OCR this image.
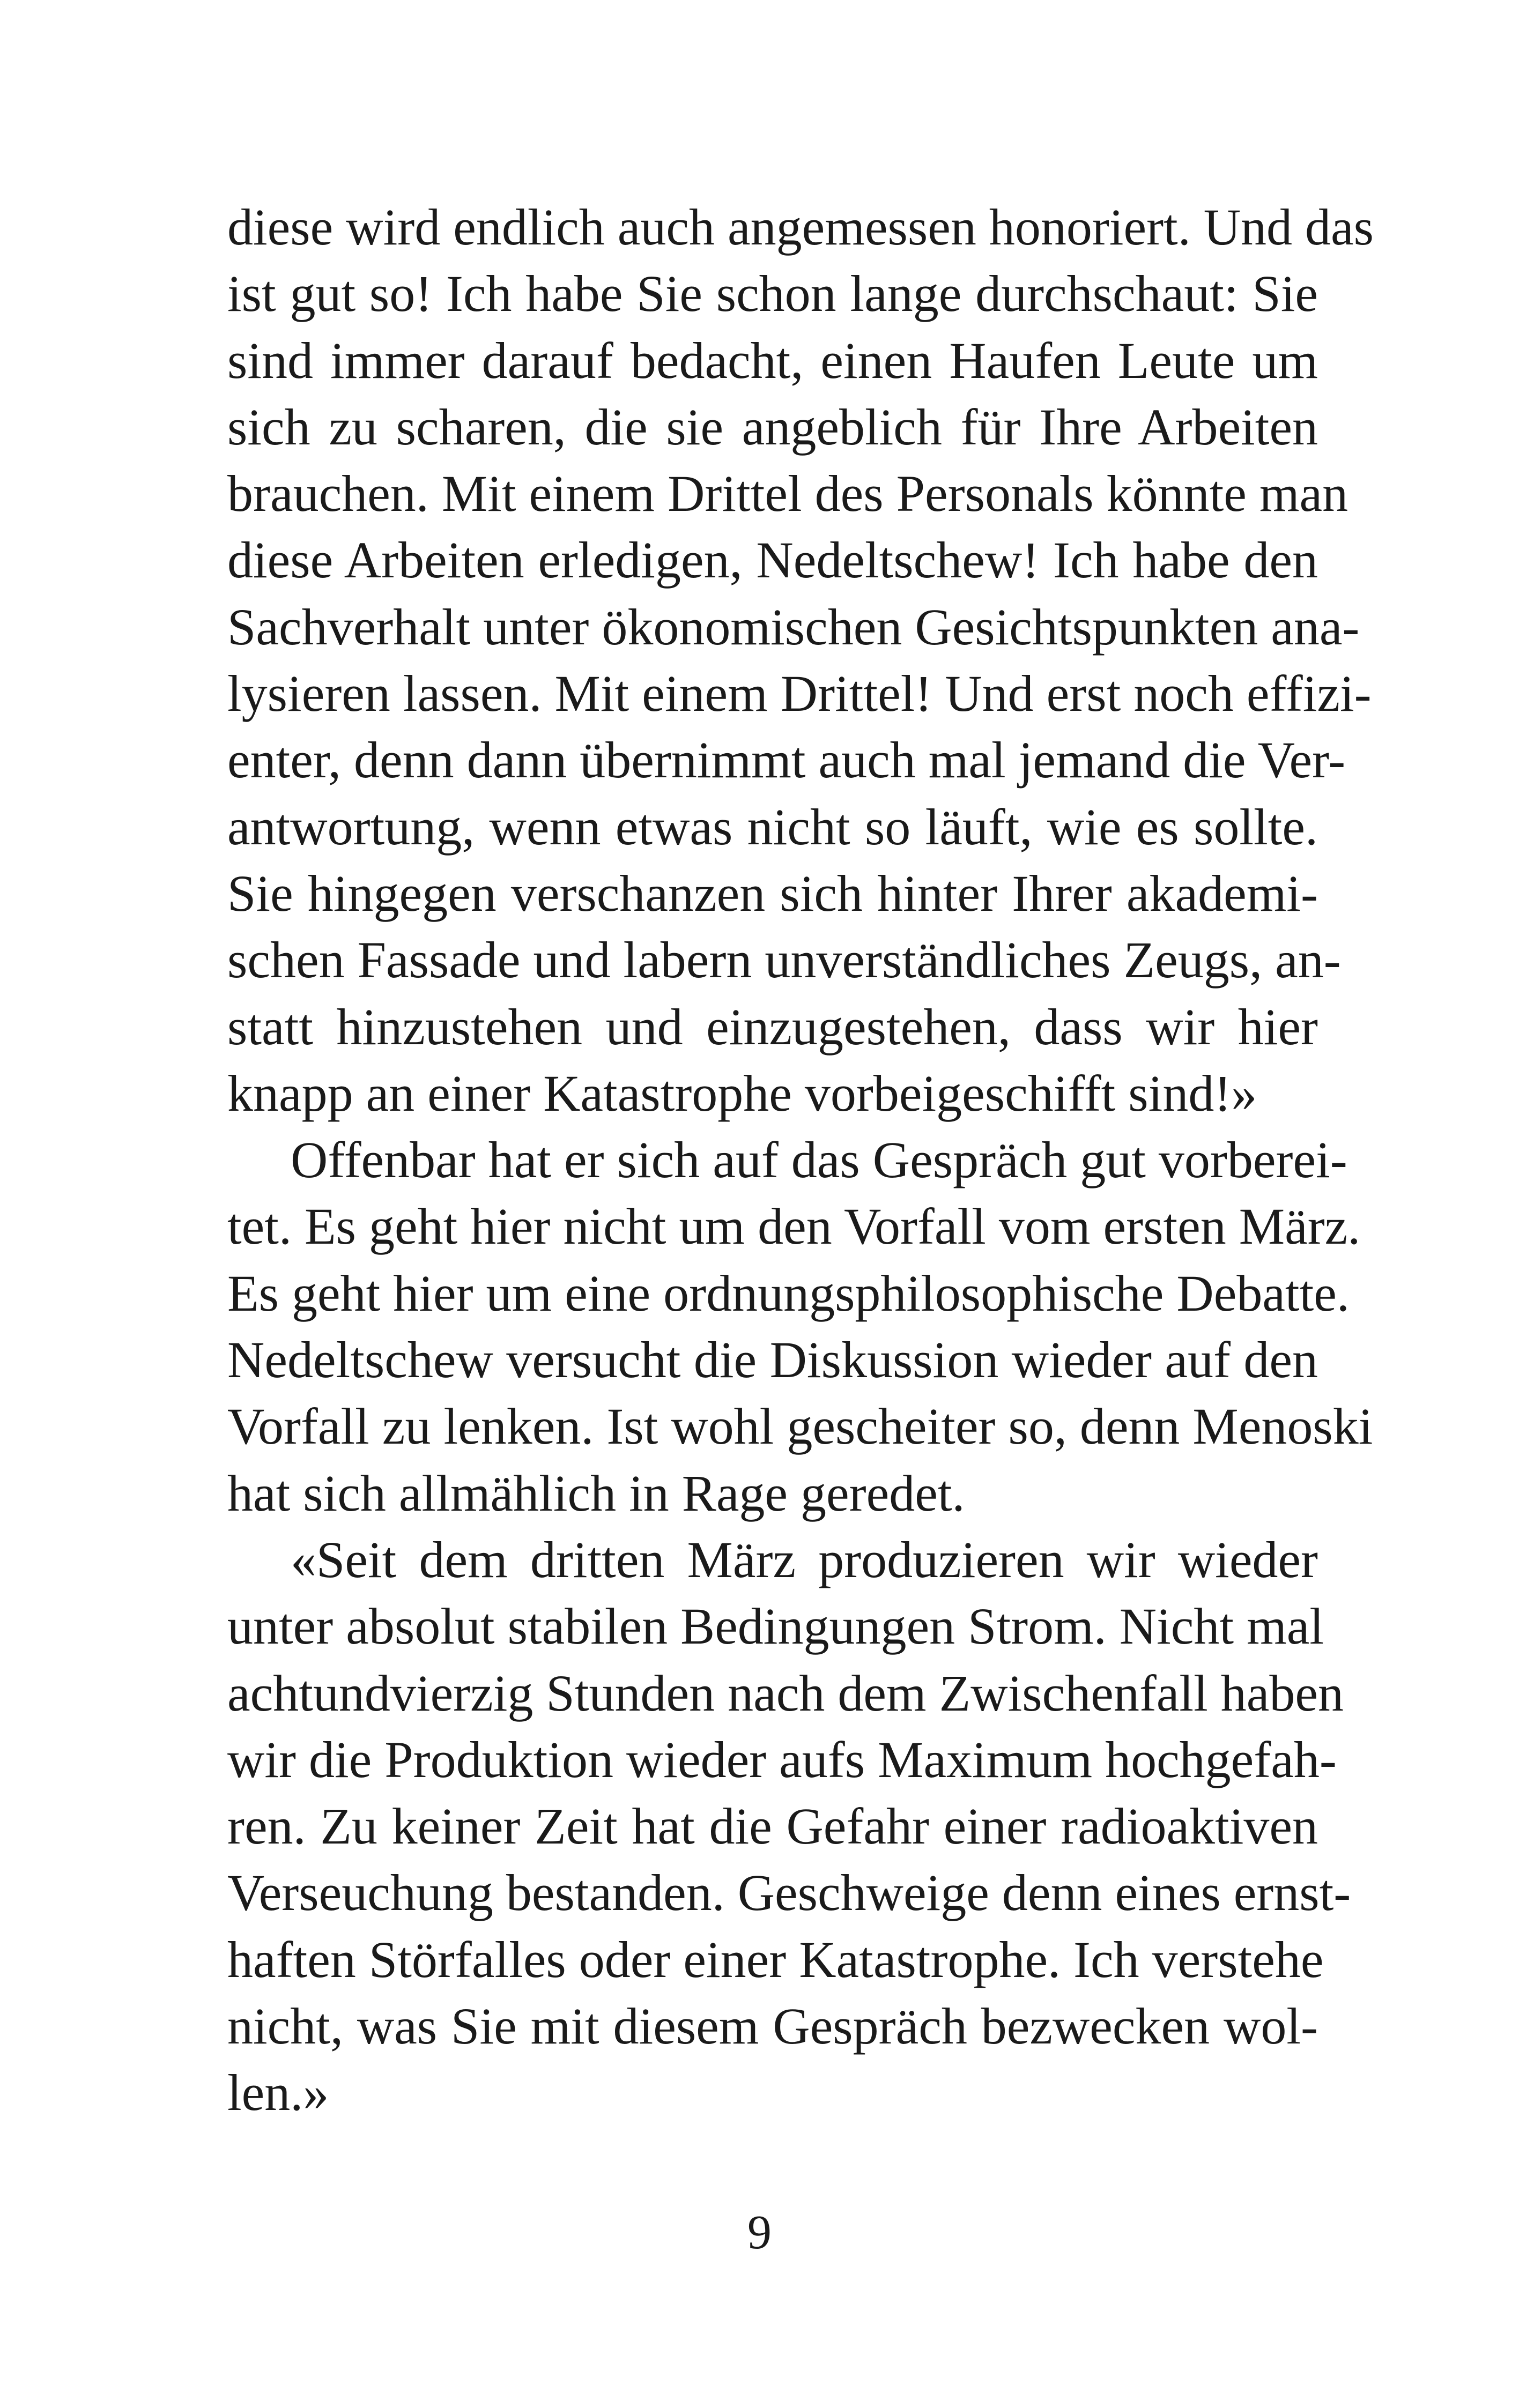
diese wird endlich auch angemessen honoriert. Und das
ist gut so! Ich habe Sie schon lange durchschaut: Sie
sind immer darauf bedacht, einen Haufen Leute um
sich zu scharen, die sie angeblich für Ihre Arbeiten
brauchen. Mit einem Drittel des Personals könnte man
diese Arbeiten erledigen, Nedeltschew! Ich habe den
Sachverhalt unter ökonomischen Gesichtspunkten ana-
lysieren lassen. Mit einem Drittel! Und erst noch effizi-
enter, denn dann übernimmt auch mal jemand die Ver-
antwortung, wenn etwas nicht so läuft, wie es sollte.
Sie hingegen verschanzen sich hinter Ihrer akademi-
schen Fassade und labern unverständliches Zeugs, an-
statt hinzustehen und einzugestehen, dass wir hier
knapp an einer Katastrophe vorbeigeschifft sind!»
Offenbar hat er sich auf das Gespräch gut vorberei-
tet. Es geht hier nicht um den Vorfall vom ersten März.
Es geht hier um eine ordnungsphilosophische Debatte.
Nedeltschew versucht die Diskussion wieder auf den
Vorfall zu lenken. Ist wohl gescheiter so, denn Menoski
hat sich allmählich in Rage geredet.
«Seit dem dritten März produzieren wir wieder
unter absolut stabilen Bedingungen Strom. Nicht mal
achtundvierzig Stunden nach dem Zwischenfall haben
wir die Produktion wieder aufs Maximum hochgefah-
ren. Zu keiner Zeit hat die Gefahr einer radioaktiven
Verseuchung bestanden. Geschweige denn eines ernst-
haften Störfalles oder einer Katastrophe. Ich verstehe
nicht, was Sie mit diesem Gespräch bezwecken wol-
len.»
9
